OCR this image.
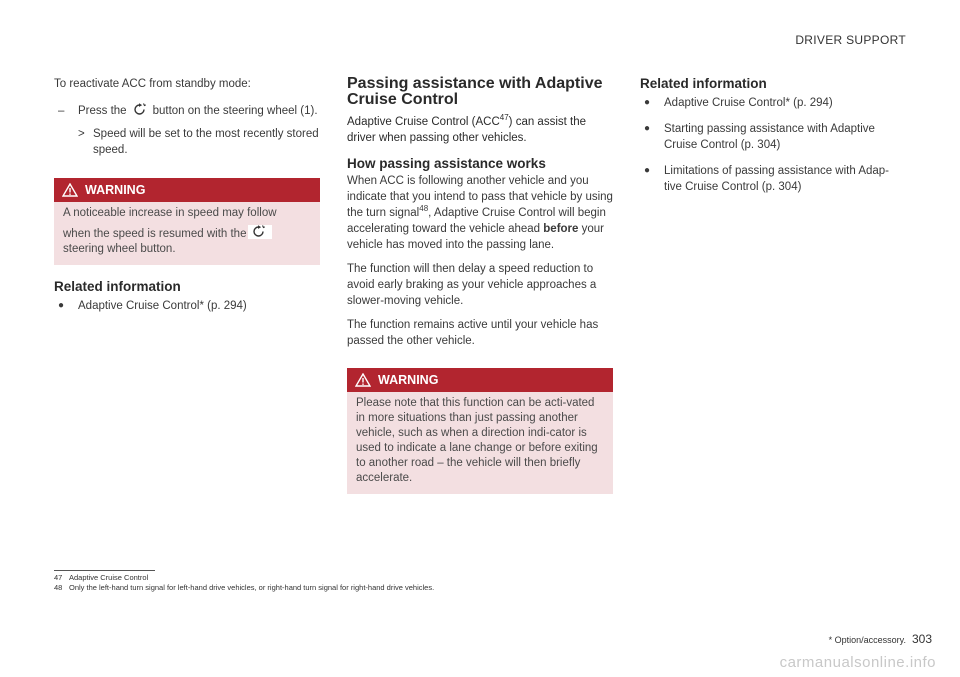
DRIVER SUPPORT

To reactivate ACC from standby mode:

– Press the button on the steering wheel (1).
> Speed will be set to the most recently stored speed.
WARNING

A noticeable increase in speed may follow

when the speed is resumed with the

steering wheel button.

Related information
● Adaptive Cruise Control* (p. 294)
Passing assistance with Adaptive Cruise Control

Adaptive Cruise Control (ACC$^{47}$) can assist the driver when passing other vehicles.

How passing assistance works

When ACC is following another vehicle and you indicate that you intend to pass that vehicle by using the turn signal$^{48}$, Adaptive Cruise Control will begin accelerating toward the vehicle ahead before your vehicle has moved into the passing lane.

The function will then delay a speed reduction to avoid early braking as your vehicle approaches a slower-moving vehicle.

The function remains active until your vehicle has passed the other vehicle.

WARNING

Please note that this function can be acti-vated in more situations than just passing another vehicle, such as when a direction indi-cator is used to indicate a lane change or before exiting to another road – the vehicle will then briefly accelerate.

Related information
● Adaptive Cruise Control* (p. 294)
● Starting passing assistance with Adaptive Cruise Control (p. 304)
● Limitations of passing assistance with Adap-tive Cruise Control (p. 304)
47 Adaptive Cruise Control
48 Only the left-hand turn signal for left-hand drive vehicles, or right-hand turn signal for right-hand drive vehicles.
* Option/accessory. 303
carmanualsonline.info
